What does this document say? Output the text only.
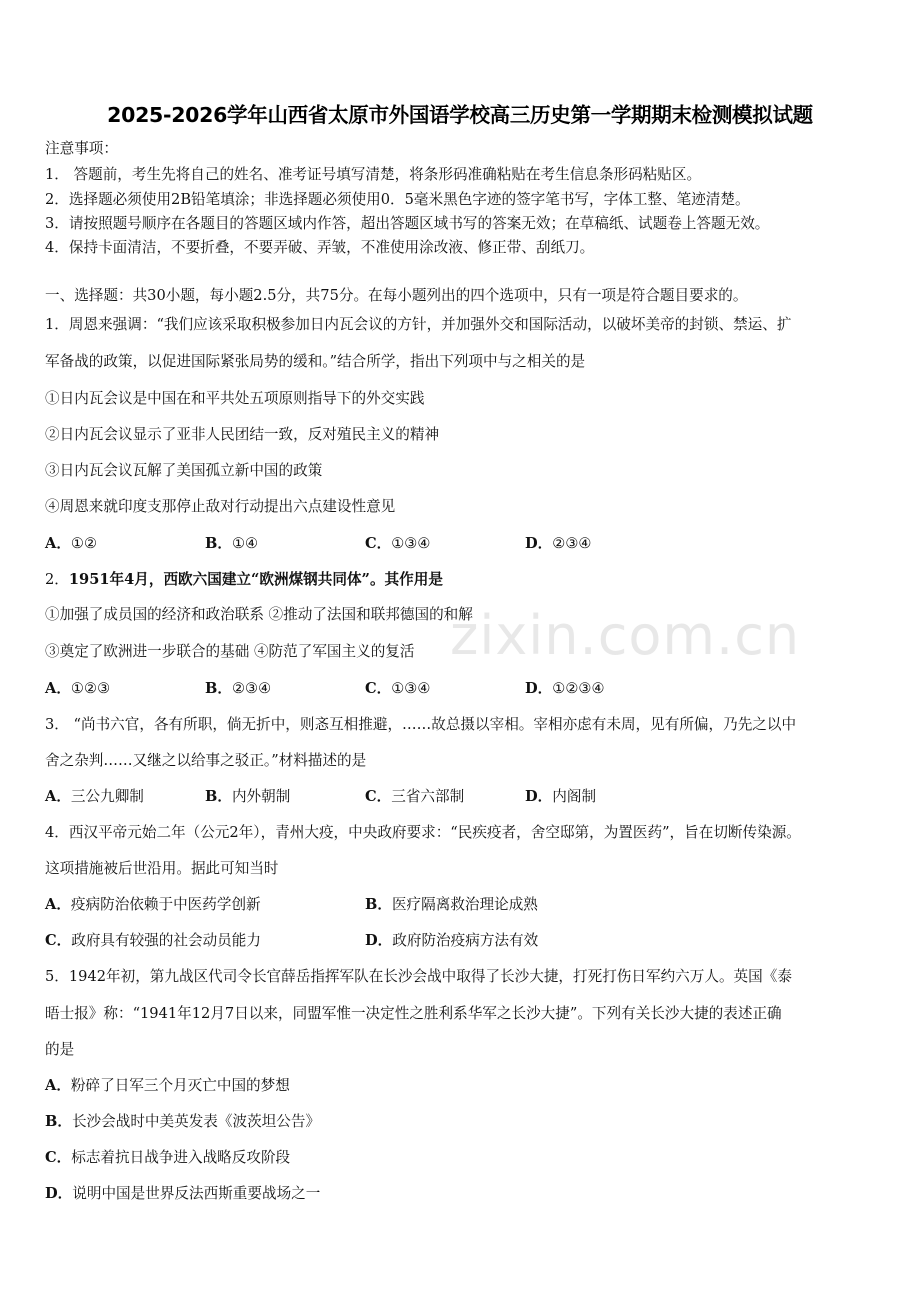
2025-2026学年山西省太原市外国语学校高三历史第一学期期末检测模拟试题
注意事项：
1． 答题前，考生先将自己的姓名、准考证号填写清楚，将条形码准确粘贴在考生信息条形码粘贴区。
2．选择题必须使用2B铅笔填涂；非选择题必须使用0．5毫米黑色字迹的签字笔书写，字体工整、笔迹清楚。
3．请按照题号顺序在各题目的答题区域内作答，超出答题区域书写的答案无效；在草稿纸、试题卷上答题无效。
4．保持卡面清洁，不要折叠，不要弄破、弄皱，不准使用涂改液、修正带、刮纸刀。
一、选择题：共30小题，每小题2.5分，共75分。在每小题列出的四个选项中，只有一项是符合题目要求的。
1．周恩来强调：“我们应该采取积极参加日内瓦会议的方针，并加强外交和国际活动，以破坏美帝的封锁、禁运、扩
军备战的政策，以促进国际紧张局势的缓和。”结合所学，指出下列项中与之相关的是
①日内瓦会议是中国在和平共处五项原则指导下的外交实践
②日内瓦会议显示了亚非人民团结一致，反对殖民主义的精神
③日内瓦会议瓦解了美国孤立新中国的政策
④周恩来就印度支那停止敌对行动提出六点建设性意见
A．①②	B．①④	C．①③④	D．②③④
2．1951年4月，西欧六国建立“欧洲煤钢共同体”。其作用是
①加强了成员国的经济和政治联系 ②推动了法国和联邦德国的和解
③奠定了欧洲进一步联合的基础 ④防范了军国主义的复活
A．①②③	B．②③④	C．①③④	D．①②③④
3． “尚书六官，各有所职，倘无折中，则忞互相推避，……故总摄以宰相。宰相亦虑有未周，见有所偏，乃先之以中
舍之杂判……又继之以给事之驳正。”材料描述的是
A．三公九卿制	B．内外朝制	C．三省六部制	D．内阁制
4．西汉平帝元始二年（公元2年），青州大疫，中央政府要求：“民疾疫者，舍空邸第，为置医药”，旨在切断传染源。
这项措施被后世沿用。据此可知当时
A．疫病防治依赖于中医药学创新	B．医疗隔离救治理论成熟
C．政府具有较强的社会动员能力	D．政府防治疫病方法有效
5．1942年初，第九战区代司令长官薛岳指挥军队在长沙会战中取得了长沙大捷，打死打伤日军约六万人。英国《泰
晤士报》称：“1941年12月7日以来，同盟军惟一决定性之胜利系华军之长沙大捷”。下列有关长沙大捷的表述正确
的是
A．粉碎了日军三个月灭亡中国的梦想
B．长沙会战时中美英发表《波茨坦公告》
C．标志着抗日战争进入战略反攻阶段
D．说明中国是世界反法西斯重要战场之一
zixin.com.cn
